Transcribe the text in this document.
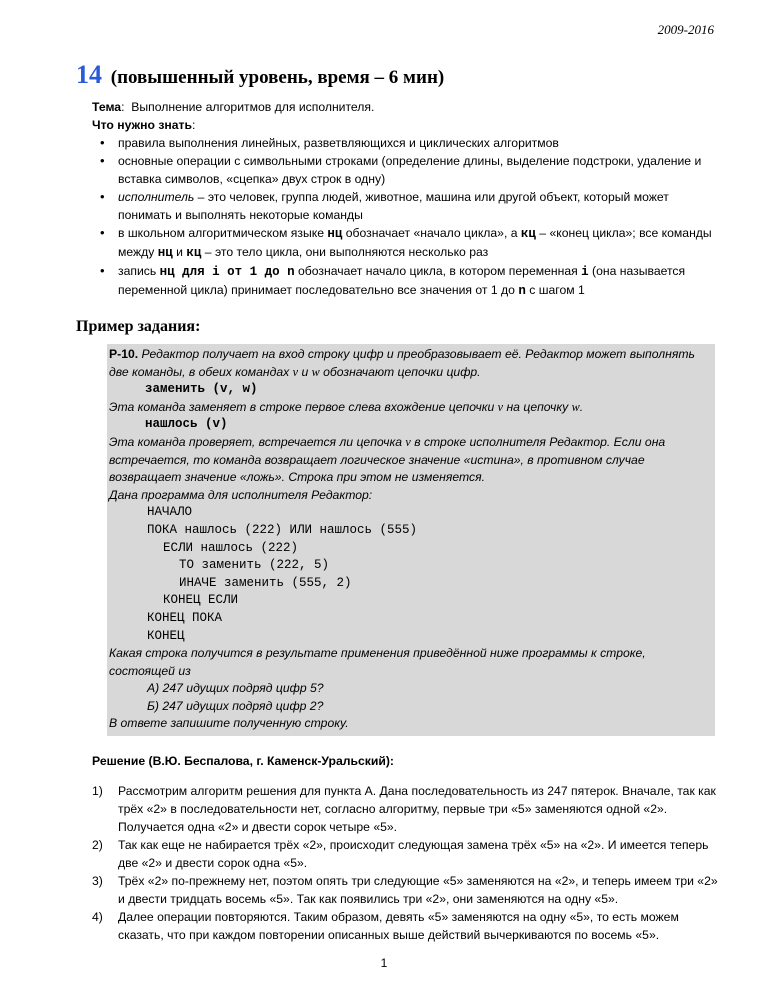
2009-2016
14 (повышенный уровень, время – 6 мин)

Тема:  Выполнение алгоритмов для исполнителя.

Что нужно знать:

• правила выполнения линейных, разветвляющихся и циклических алгоритмов
• основные операции с символьными строками (определение длины, выделение подстроки, удаление и вставка символов, «сцепка» двух строк в одну)
• исполнитель – это человек, группа людей, животное, машина или другой объект, который может понимать и выполнять некоторые команды
• в школьном алгоритмическом языке нц обозначает «начало цикла», а кц – «конец цикла»; все команды между нц и кц – это тело цикла, они выполняются несколько раз
• запись нц для i от 1 до n обозначает начало цикла, в котором переменная i (она называется переменной цикла) принимает последовательно все значения от 1 до n с шагом 1
Пример задания:

Р-10. Редактор получает на вход строку цифр и преобразовывает её. Редактор может выполнять две команды, в обеих командах v и w обозначают цепочки цифр.

заменить (v, w)

Эта команда заменяет в строке первое слева вхождение цепочки v на цепочку w.

нашлось (v)

Эта команда проверяет, встречается ли цепочка v в строке исполнителя Редактор. Если она встречается, то команда возвращает логическое значение «истина», в противном случае возвращает значение «ложь». Строка при этом не изменяется.

Дана программа для исполнителя Редактор:

НАЧАЛО
ПОКА нашлось (222) ИЛИ нашлось (555)
ЕСЛИ нашлось (222)
ТО заменить (222, 5)
ИНАЧЕ заменить (555, 2)
КОНЕЦ ЕСЛИ
КОНЕЦ ПОКА
КОНЕЦ

Какая строка получится в результате применения приведённой ниже программы к строке, состоящей из

А) 247 идущих подряд цифр 5?

Б) 247 идущих подряд цифр 2?

В ответе запишите полученную строку.

Решение (В.Ю. Беспалова, г. Каменск-Уральский):

1) Рассмотрим алгоритм решения для пункта А. Дана последовательность из 247 пятерок. Вначале, так как трёх «2» в последовательности нет, согласно алгоритму, первые три «5» заменяются одной «2». Получается одна «2» и двести сорок четыре «5».
2) Так как еще не набирается трёх «2», происходит следующая замена трёх «5» на «2». И имеется теперь две «2» и двести сорок одна «5».
3) Трёх «2» по-прежнему нет, поэтом опять три следующие «5» заменяются на «2», и теперь имеем три «2» и двести тридцать восемь «5». Так как появились три «2», они заменяются на одну «5».
4) Далее операции повторяются. Таким образом, девять «5» заменяются на одну «5», то есть можем сказать, что при каждом повторении описанных выше действий вычеркиваются по восемь «5».
1
